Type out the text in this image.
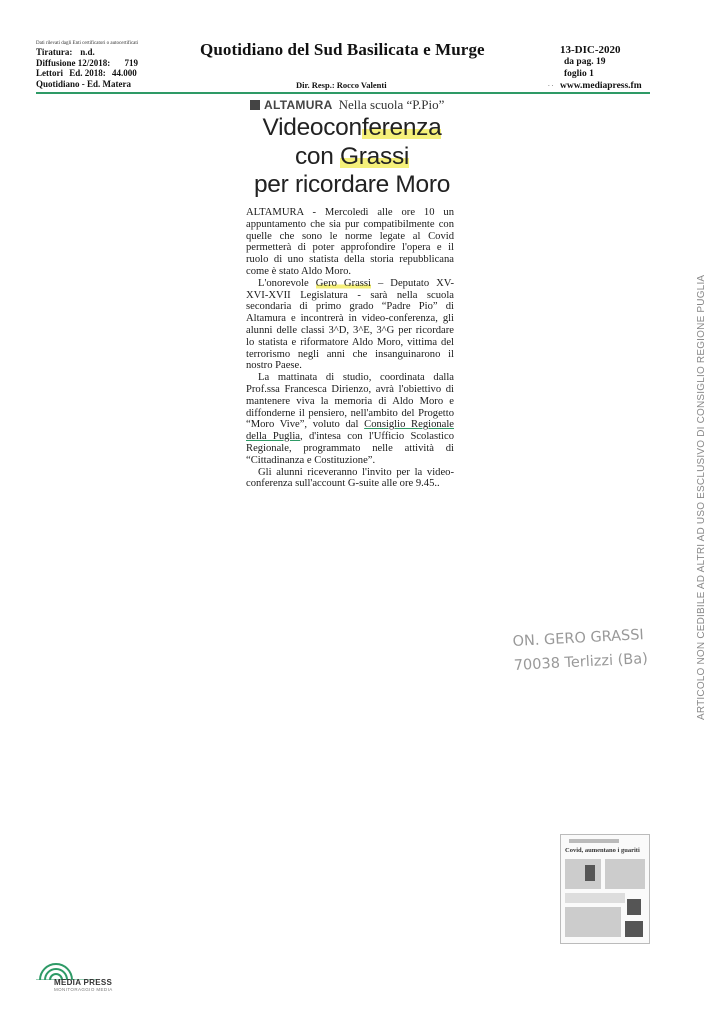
Dati rilevati dagli Enti certificatori o autocertificati
Tiratura: n.d.
Diffusione 12/2018: 719
Lettori Ed. 2018: 44.000
Quotidiano - Ed. Matera
Quotidiano del Sud Basilicata e Murge	13-DIC-2020
da pag. 19
foglio 1
www.mediapress.fm
Dir. Resp.: Rocco Valenti	. .
ALTAMURA Nella scuola “P.Pio”
Videoconferenza
con Grassi
per ricordare Moro

ALTAMURA - Mercoledì alle ore 10 un appuntamento che sia pur compatibilmente con quelle che sono le norme legate al Covid permetterà di poter approfondire l'opera e il ruolo di uno statista della storia repubblicana come è stato Aldo Moro.

L'onorevole Gero Grassi – Deputato XV-XVI-XVII Legislatura - sarà nella scuola secondaria di primo grado “Padre Pio” di Altamura e incontrerà in video-conferenza, gli alunni delle classi 3^D, 3^E, 3^G per ricordare lo statista e riformatore Aldo Moro, vittima del terrorismo negli anni che insanguinarono il nostro Paese.

La mattinata di studio, coordinata dalla Prof.ssa Francesca Dirienzo, avrà l'obiettivo di mantenere viva la memoria di Aldo Moro e diffonderne il pensiero, nell'ambito del Progetto “Moro Vive”, voluto dal Consiglio Regionale della Puglia, d'intesa con l'Ufficio Scolastico Regionale, programmato nelle attività di “Cittadinanza e Costituzione”.

Gli alunni riceveranno l'invito per la video-conferenza sull'account G-suite alle ore 9.45..

ON. GERO GRASSI
70038 Terlizzi (Ba)	ARTICOLO NON CEDIBILE AD ALTRI AD USO ESCLUSIVO DI CONSIGLIO REGIONE PUGLIA
Covid, aumentano i guariti
MEDIA PRESS
MONITORAGGIO MEDIA
